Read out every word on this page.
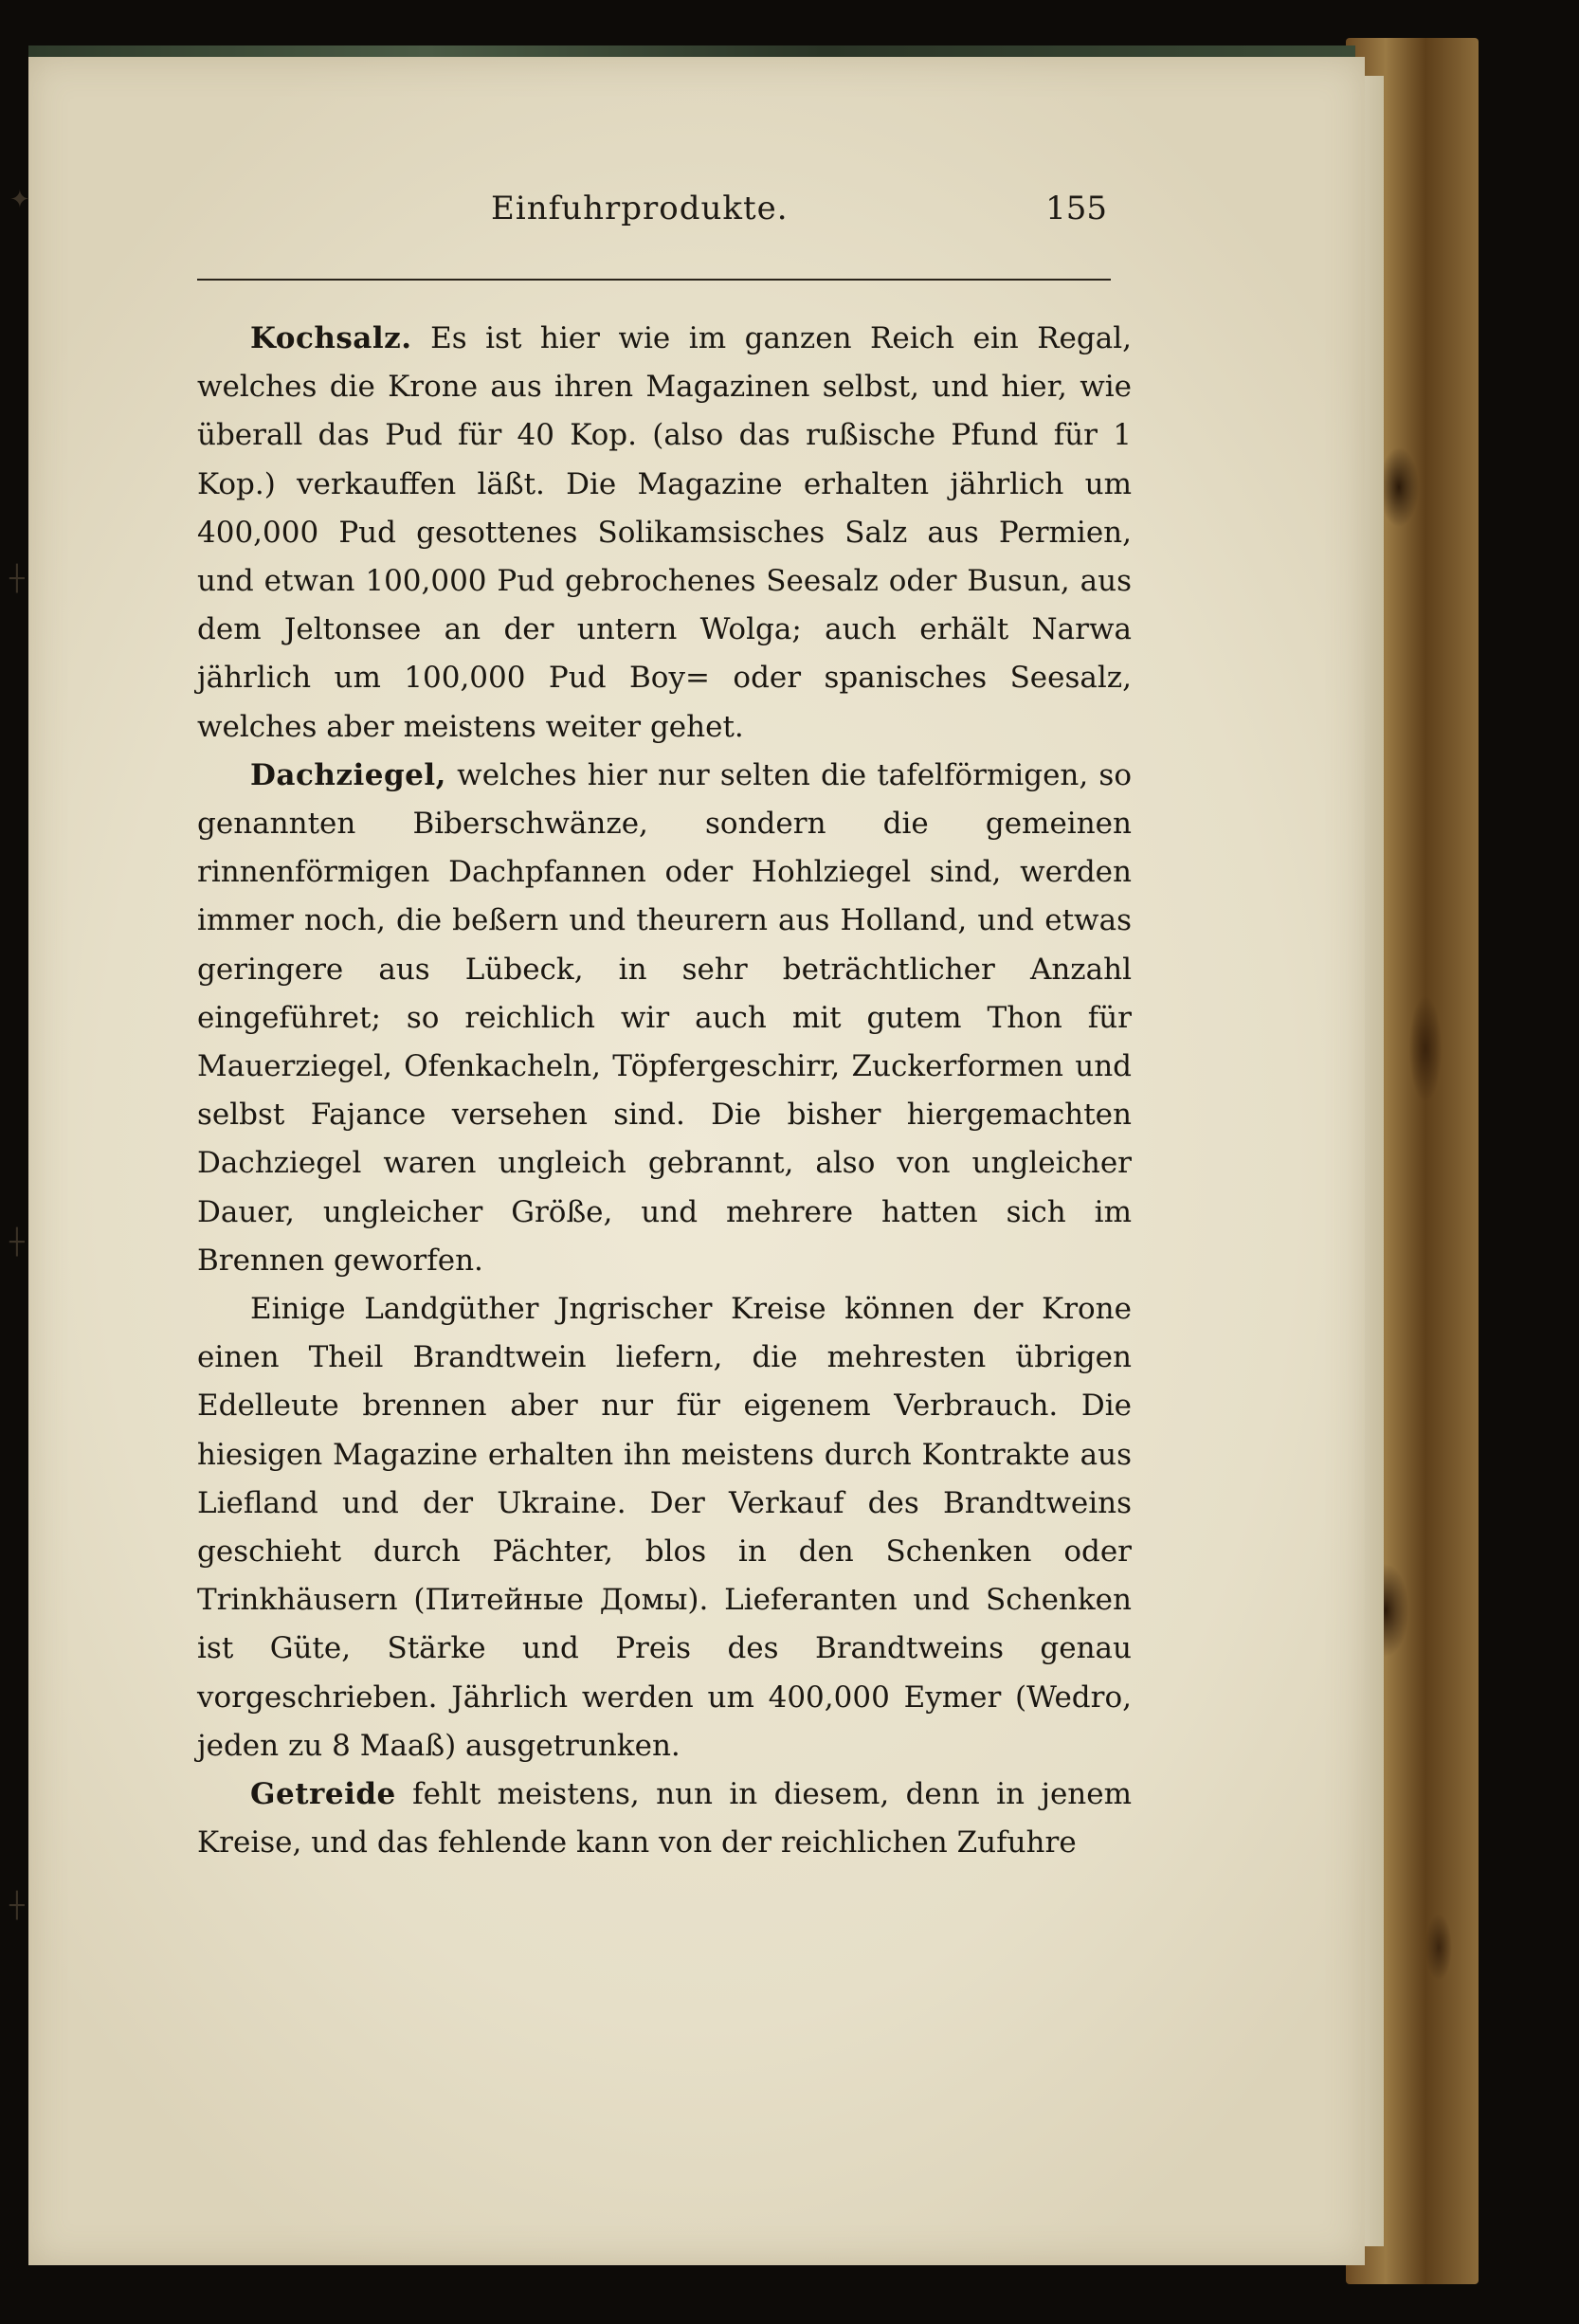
✦
┼
┼
┼
Einfuhrprodukte.	155

Kochsalz. Es ist hier wie im ganzen Reich ein Regal, welches die Krone aus ihren Magazinen selbst, und hier, wie überall das Pud für 40 Kop. (also das rußische Pfund für 1 Kop.) verkauffen läßt. Die Magazine erhalten jährlich um 400,000 Pud gesottenes Solikamsisches Salz aus Permien, und etwan 100,000 Pud gebrochenes Seesalz oder Busun, aus dem Jeltonsee an der untern Wolga; auch erhält Narwa jährlich um 100,000 Pud Boy= oder spanisches Seesalz, welches aber meistens weiter gehet.

Dachziegel, welches hier nur selten die tafelförmigen, so genannten Biberschwänze, sondern die gemeinen rinnenförmigen Dachpfannen oder Hohlziegel sind, werden immer noch, die beßern und theurern aus Holland, und etwas geringere aus Lübeck, in sehr beträchtlicher Anzahl eingeführet; so reichlich wir auch mit gutem Thon für Mauerziegel, Ofenkacheln, Töpfergeschirr, Zuckerformen und selbst Fajance versehen sind. Die bisher hiergemachten Dachziegel waren ungleich gebrannt, also von ungleicher Dauer, ungleicher Größe, und mehrere hatten sich im Brennen geworfen.

Einige Landgüther Jngrischer Kreise können der Krone einen Theil Brandtwein liefern, die mehresten übrigen Edelleute brennen aber nur für eigenem Verbrauch. Die hiesigen Magazine erhalten ihn meistens durch Kontrakte aus Liefland und der Ukraine. Der Verkauf des Brandtweins geschieht durch Pächter, blos in den Schenken oder Trinkhäusern (Питейные Домы). Lieferanten und Schenken ist Güte, Stärke und Preis des Brandtweins genau vorgeschrieben. Jährlich werden um 400,000 Eymer (Wedro, jeden zu 8 Maaß) ausgetrunken.

Getreide fehlt meistens, nun in diesem, denn in jenem Kreise, und das fehlende kann von der reichlichen Zufuhre
